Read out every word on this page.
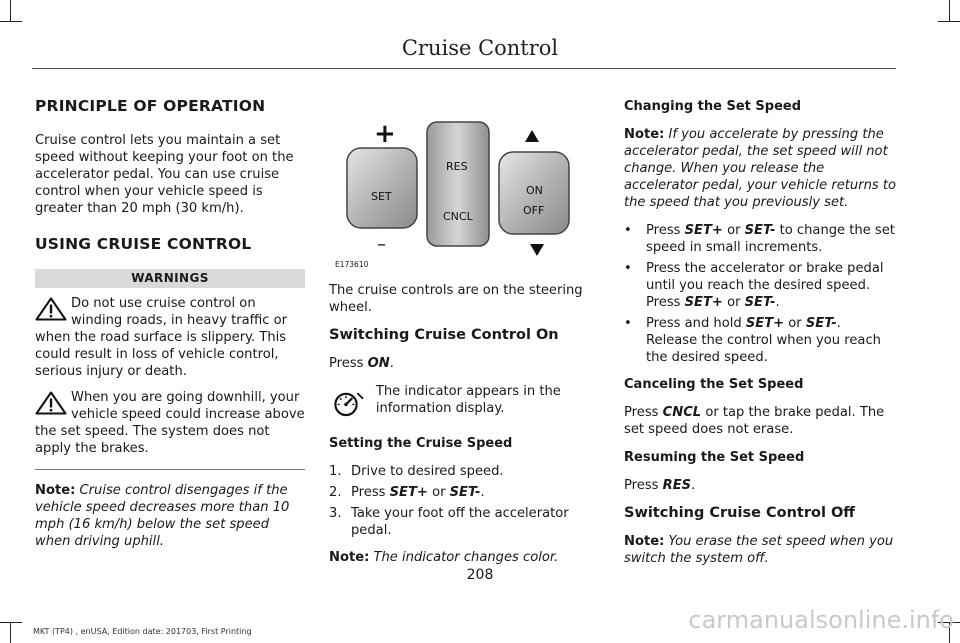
Cruise Control
PRINCIPLE OF OPERATION

Cruise control lets you maintain a set speed without keeping your foot on the accelerator pedal. You can use cruise control when your vehicle speed is greater than 20 mph (30 km/h).

USING CRUISE CONTROL
WARNINGS
Do not use cruise control on winding roads, in heavy traffic or when the road surface is slippery. This could result in loss of vehicle control, serious injury or death.
When you are going downhill, your vehicle speed could increase above the set speed. The system does not apply the brakes.

Note: Cruise control disengages if the vehicle speed decreases more than 10 mph (16 km/h) below the set speed when driving uphill.

+
SET
–
RES
CNCL
ON
OFF
E173610

The cruise controls are on the steering wheel.

Switching Cruise Control On

Press ON.

The indicator appears in the information display.
Setting the Cruise Speed
1. Drive to desired speed.
2. Press SET+ or SET-.
3. Take your foot off the accelerator pedal.

Note: The indicator changes color.

Changing the Set Speed

Note: If you accelerate by pressing the accelerator pedal, the set speed will not change. When you release the accelerator pedal, your vehicle returns to the speed that you previously set.

• Press SET+ or SET- to change the set speed in small increments.
• Press the accelerator or brake pedal until you reach the desired speed. Press SET+ or SET-.
• Press and hold SET+ or SET-. Release the control when you reach the desired speed.
Canceling the Set Speed

Press CNCL or tap the brake pedal. The set speed does not erase.

Resuming the Set Speed

Press RES.

Switching Cruise Control Off

Note: You erase the set speed when you switch the system off.

208
MKT (TP4) , enUSA, Edition date: 201703, First Printing	carmanualsonline.info
